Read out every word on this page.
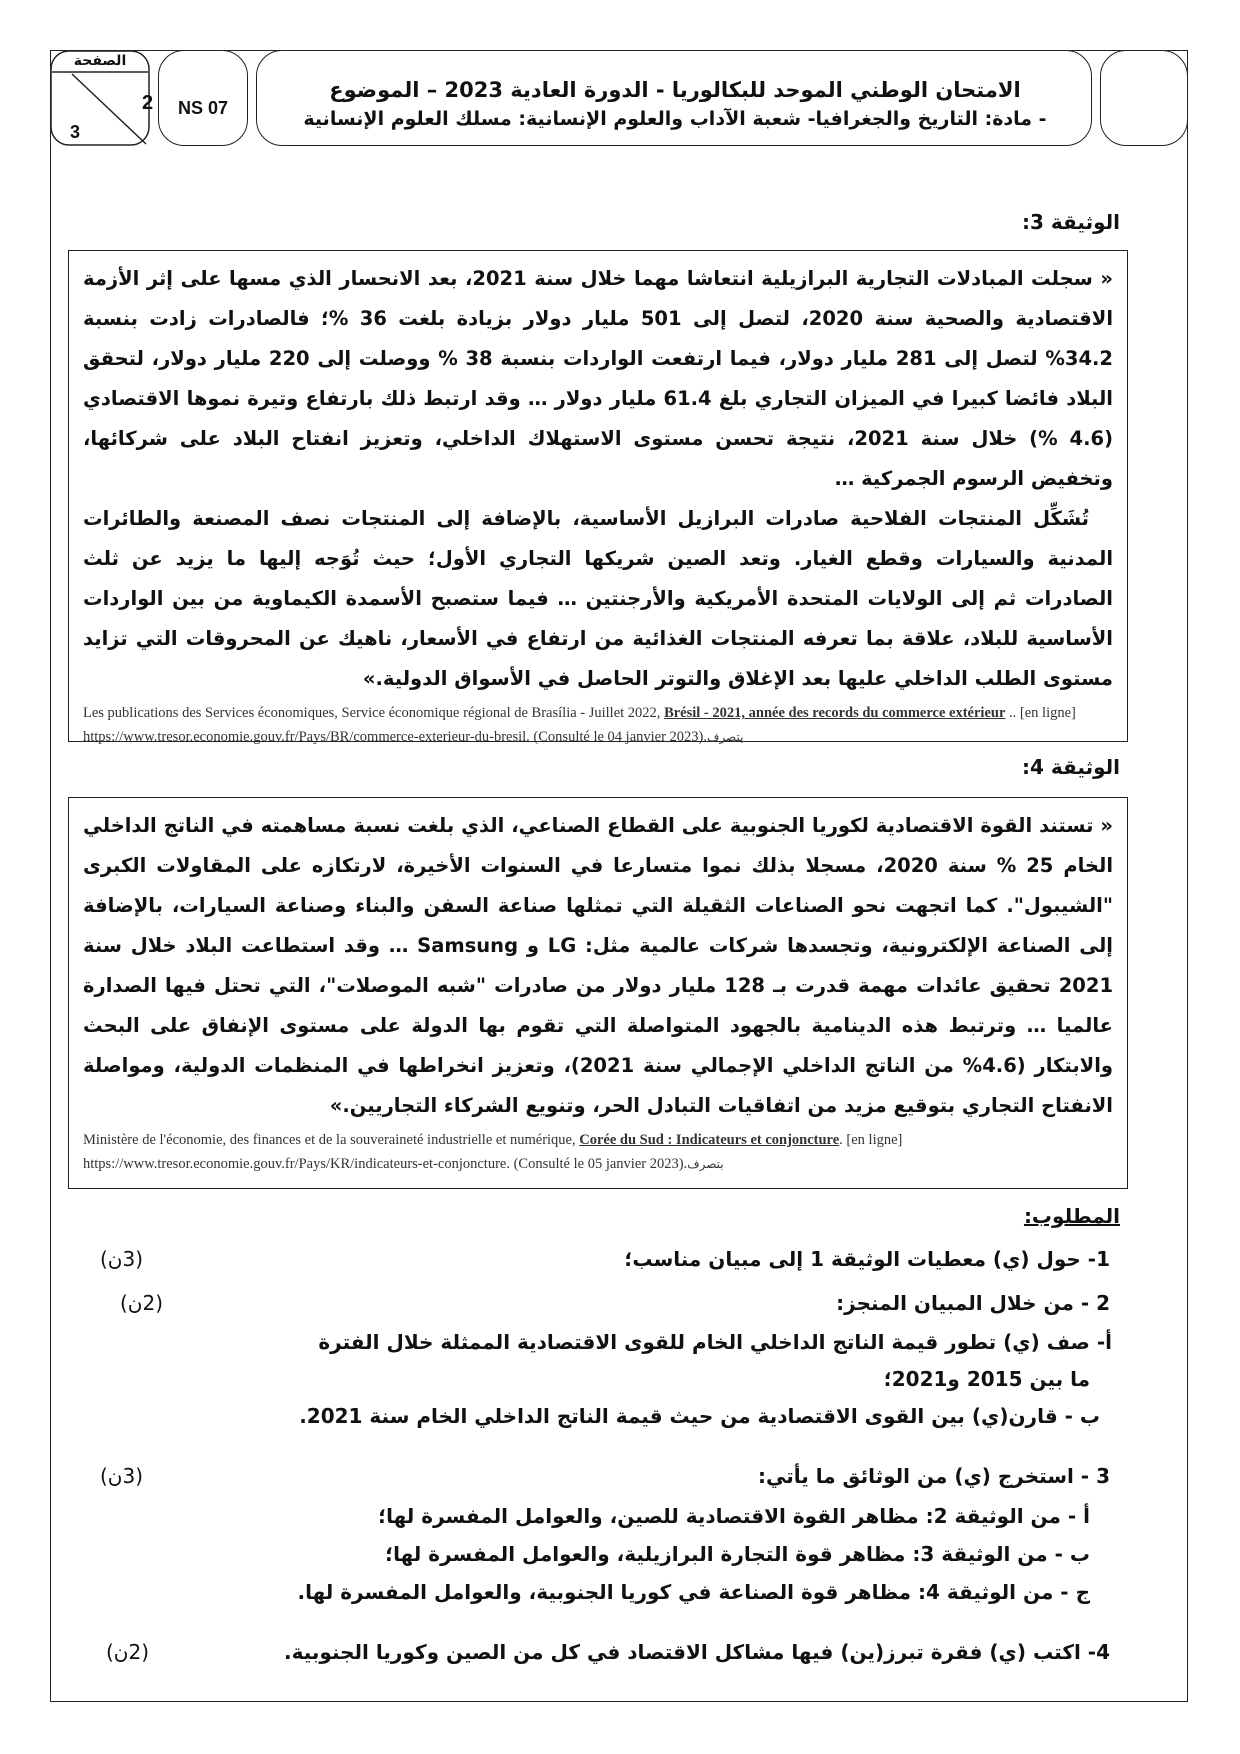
الصفحة
2
3
NS 07
الامتحان الوطني الموحد للبكالوريا - الدورة العادية 2023 – الموضوع
- مادة: التاريخ والجغرافيا- شعبة الآداب والعلوم الإنسانية: مسلك العلوم الإنسانية
الوثيقة 3:

« سجلت المبادلات التجارية البرازيلية انتعاشا مهما خلال سنة 2021، بعد الانحسار الذي مسها على إثر الأزمة الاقتصادية والصحية سنة 2020، لتصل إلى 501 مليار دولار بزيادة بلغت 36 %؛ فالصادرات زادت بنسبة 34.2% لتصل إلى 281 مليار دولار، فيما ارتفعت الواردات بنسبة 38 % ووصلت إلى 220 مليار دولار، لتحقق البلاد فائضا كبيرا في الميزان التجاري بلغ 61.4 مليار دولار … وقد ارتبط ذلك بارتفاع وتيرة نموها الاقتصادي (4.6 %) خلال سنة 2021، نتيجة تحسن مستوى الاستهلاك الداخلي، وتعزيز انفتاح البلاد على شركائها، وتخفيض الرسوم الجمركية …

تُشَكِّل المنتجات الفلاحية صادرات البرازيل الأساسية، بالإضافة إلى المنتجات نصف المصنعة والطائرات المدنية والسيارات وقطع الغيار. وتعد الصين شريكها التجاري الأول؛ حيث تُوَجه إليها ما يزيد عن ثلث الصادرات ثم إلى الولايات المتحدة الأمريكية والأرجنتين … فيما ستصبح الأسمدة الكيماوية من بين الواردات الأساسية للبلاد، علاقة بما تعرفه المنتجات الغذائية من ارتفاع في الأسعار، ناهيك عن المحروقات التي تزايد مستوى الطلب الداخلي عليها بعد الإغلاق والتوتر الحاصل في الأسواق الدولية.»

Les publications des Services économiques, Service économique régional de Brasília - Juillet 2022, Brésil - 2021, année des records du commerce extérieur .. [en ligne] https://www.tresor.economie.gouv.fr/Pays/BR/commerce-exterieur-du-bresil. (Consulté le 04 janvier 2023).بتصرف
الوثيقة 4:

« تستند القوة الاقتصادية لكوريا الجنوبية على القطاع الصناعي، الذي بلغت نسبة مساهمته في الناتج الداخلي الخام 25 % سنة 2020، مسجلا بذلك نموا متسارعا في السنوات الأخيرة، لارتكازه على المقاولات الكبرى "الشيبول". كما اتجهت نحو الصناعات الثقيلة التي تمثلها صناعة السفن والبناء وصناعة السيارات، بالإضافة إلى الصناعة الإلكترونية، وتجسدها شركات عالمية مثل: LG و Samsung … وقد استطاعت البلاد خلال سنة 2021 تحقيق عائدات مهمة قدرت بـ 128 مليار دولار من صادرات "شبه الموصلات"، التي تحتل فيها الصدارة عالميا … وترتبط هذه الدينامية بالجهود المتواصلة التي تقوم بها الدولة على مستوى الإنفاق على البحث والابتكار (4.6% من الناتج الداخلي الإجمالي سنة 2021)، وتعزيز انخراطها في المنظمات الدولية، ومواصلة الانفتاح التجاري بتوقيع مزيد من اتفاقيات التبادل الحر، وتنويع الشركاء التجاريين.»

Ministère de l'économie, des finances et de la souveraineté industrielle et numérique, Corée du Sud : Indicateurs et conjoncture. [en ligne] https://www.tresor.economie.gouv.fr/Pays/KR/indicateurs-et-conjoncture. (Consulté le 05 janvier 2023).بتصرف
المطلوب:
1- حول (ي) معطيات الوثيقة 1 إلى مبيان مناسب؛
(3ن)
2 - من خلال المبيان المنجز:
(2ن)
أ- صف (ي) تطور قيمة الناتج الداخلي الخام للقوى الاقتصادية الممثلة خلال الفترة
ما بين 2015 و2021؛
ب - قارن(ي) بين القوى الاقتصادية من حيث قيمة الناتج الداخلي الخام سنة 2021.
3 - استخرج (ي) من الوثائق ما يأتي:
(3ن)
أ - من الوثيقة 2: مظاهر القوة الاقتصادية للصين، والعوامل المفسرة لها؛
ب - من الوثيقة 3: مظاهر قوة التجارة البرازيلية، والعوامل المفسرة لها؛
ج - من الوثيقة 4: مظاهر قوة الصناعة في كوريا الجنوبية، والعوامل المفسرة لها.
4- اكتب (ي) فقرة تبرز(ين) فيها مشاكل الاقتصاد في كل من الصين وكوريا الجنوبية.
(2ن)
